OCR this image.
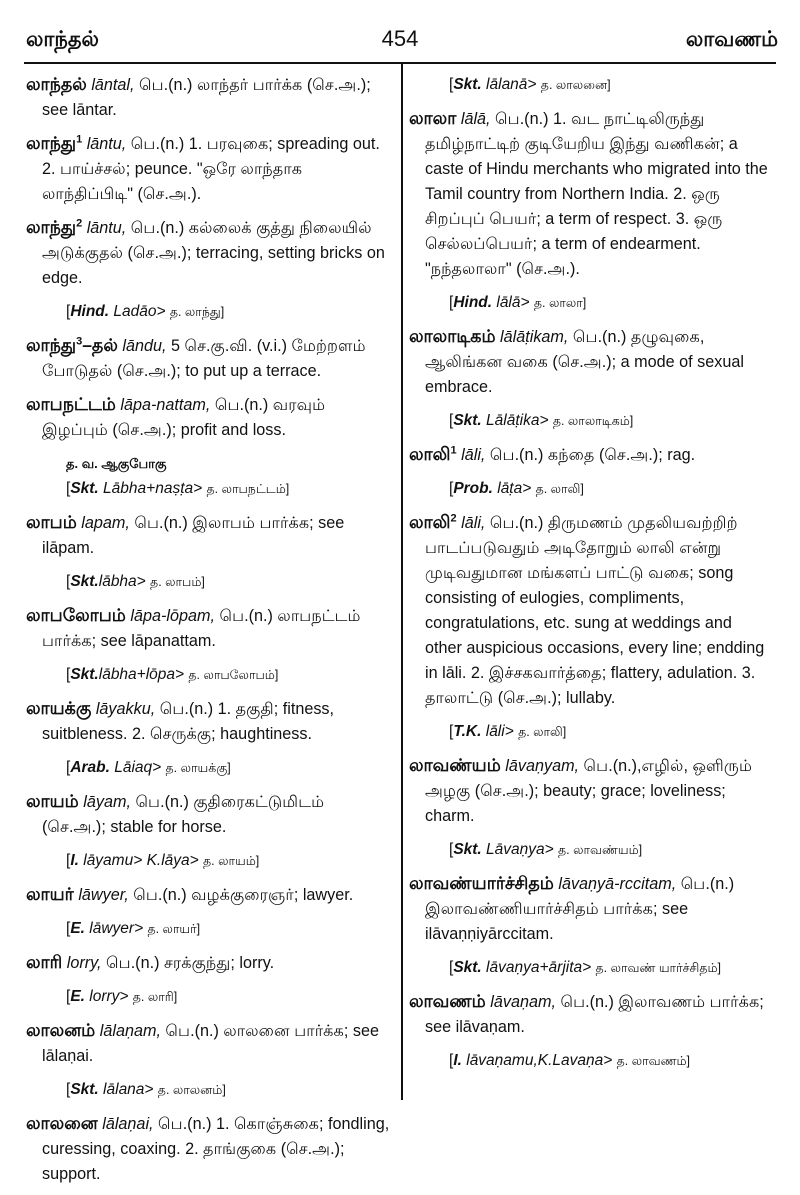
லாந்தல்	454	லாவணம்
லாந்தல் lāntal, பெ.(n.) லாந்தர் பார்க்க (செ.அ.); see lāntar.
லாந்து$^1$ lāntu, பெ.(n.) 1. பரவுகை; spreading out. 2. பாய்ச்சல்; peunce. "ஒரே லாந்தாக லாந்திப்பிடி" (செ.அ.).
லாந்து$^2$ lāntu, பெ.(n.) கல்லைக் குத்து நிலையில் அடுக்குதல் (செ.அ.); terracing, setting bricks on edge.
[Hind. Ladāo> த. லாந்து]
லாந்து$^3$–தல் lāndu, 5 செ.கு.வி. (v.i.) மேற்றளம் போடுதல் (செ.அ.); to put up a terrace.
லாபநட்டம் lāpa-nattam, பெ.(n.) வரவும் இழப்பும் (செ.அ.); profit and loss.
த. வ. ஆகுபோகு
[Skt. Lābha+naṣṭa> த. லாபநட்டம்]
லாபம் lapam, பெ.(n.) இலாபம் பார்க்க; see ilāpam.
[Skt.lābha> த. லாபம்]
லாபலோபம் lāpa-lōpam, பெ.(n.) லாபநட்டம் பார்க்க; see lāpanattam.
[Skt.lābha+lōpa> த. லாபலோபம்]
லாயக்கு lāyakku, பெ.(n.) 1. தகுதி; fitness, suitbleness. 2. செருக்கு; haughtiness.
[Arab. Lāiaq> த. லாயக்கு]
லாயம் lāyam, பெ.(n.) குதிரைகட்டுமிடம் (செ.அ.); stable for horse.
[I. lāyamu> K.lāya> த. லாயம்]
லாயர் lāwyer, பெ.(n.) வழக்குரைஞர்; lawyer.
[E. lāwyer> த. லாயர்]
லாரி lorry, பெ.(n.) சரக்குந்து; lorry.
[E. lorry> த. லாரி]
லாலனம் lālaṇam, பெ.(n.) லாலனை பார்க்க; see lālaṇai.
[Skt. lālana> த. லாலனம்]
லாலனை lālaṇai, பெ.(n.) 1. கொஞ்சுகை; fondling, curessing, coaxing. 2. தாங்குகை (செ.அ.); support.
[Skt. lālanā> த. லாலனை]
லாலா lālā, பெ.(n.) 1. வட நாட்டிலிருந்து தமிழ்நாட்டிற் குடியேறிய இந்து வணிகன்; a caste of Hindu merchants who migrated into the Tamil country from Northern India. 2. ஒரு சிறப்புப் பெயர்; a term of respect. 3. ஒரு செல்லப்பெயர்; a term of endearment. "நந்தலாலா" (செ.அ.).
[Hind. lālā> த. லாலா]
லாலாடிகம் lālāṭikam, பெ.(n.) தழுவுகை, ஆலிங்கன வகை (செ.அ.); a mode of sexual embrace.
[Skt. Lālāṭika> த. லாலாடிகம்]
லாலி$^1$ lāli, பெ.(n.) கந்தை (செ.அ.); rag.
[Prob. lāṭa> த. லாலி]
லாலி$^2$ lāli, பெ.(n.) திருமணம் முதலியவற்றிற் பாடப்படுவதும் அடிதோறும் லாலி என்று முடிவதுமான மங்களப் பாட்டு வகை; song consisting of eulogies, compliments, congratulations, etc. sung at weddings and other auspicious occasions, every line; endding in lāli. 2. இச்சகவார்த்தை; flattery, adulation. 3. தாலாட்டு (செ.அ.); lullaby.
[T.K. lāli> த. லாலி]
லாவண்யம் lāvaṇyam, பெ.(n.),எழில், ஒளிரும் அழகு (செ.அ.); beauty; grace; loveliness; charm.
[Skt. Lāvaṇya> த. லாவண்யம்]
லாவண்யார்ச்சிதம் lāvaṇyā-rccitam, பெ.(n.) இலாவண்ணியார்ச்சிதம் பார்க்க; see ilāvaṇṇiyārccitam.
[Skt. lāvaṇya+ārjita> த. லாவண் யார்ச்சிதம்]
லாவணம் lāvaṇam, பெ.(n.) இலாவணம் பார்க்க; see ilāvaṇam.
[I. lāvaṇamu,K.Lavaṇa> த. லாவணம்]
